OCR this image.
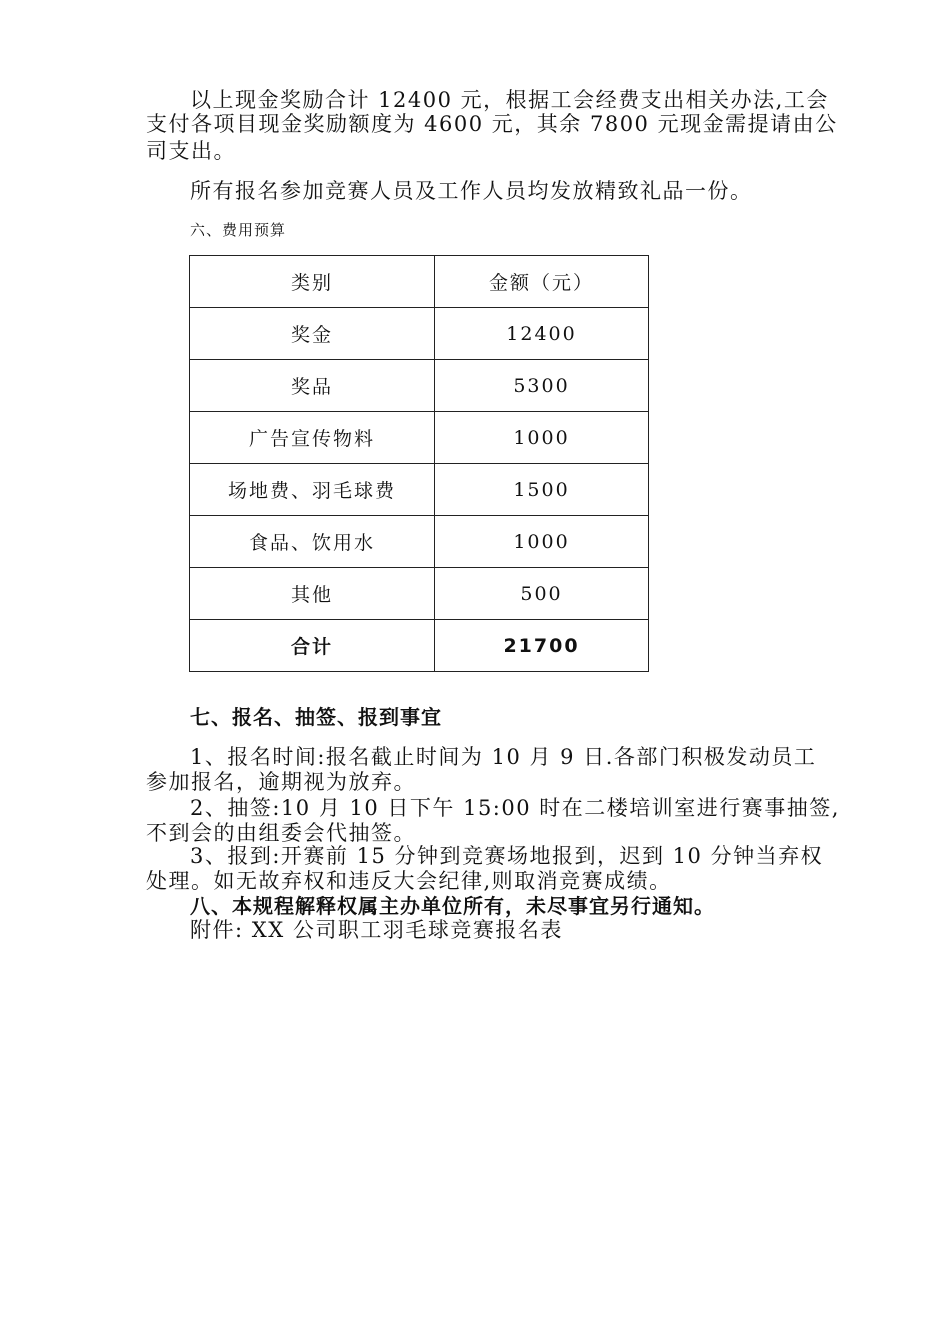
以上现金奖励合计 12400 元，根据工会经费支出相关办法,工会
支付各项目现金奖励额度为 4600 元，其余 7800 元现金需提请由公
司支出。
所有报名参加竞赛人员及工作人员均发放精致礼品一份。
六、费用预算
类别	金额（元）
奖金	12400
奖品	5300
广告宣传物料	1000
场地费、羽毛球费	1500
食品、饮用水	1000
其他	500
合计	21700
七、报名、抽签、报到事宜
1、报名时间:报名截止时间为 10 月 9 日.各部门积极发动员工
参加报名，逾期视为放弃。
2、抽签:10 月 10 日下午 15:00 时在二楼培训室进行赛事抽签,
不到会的由组委会代抽签。
3、报到:开赛前 15 分钟到竞赛场地报到，迟到 10 分钟当弃权
处理。如无故弃权和违反大会纪律,则取消竞赛成绩。
八、本规程解释权属主办单位所有，未尽事宜另行通知。
附件: XX 公司职工羽毛球竞赛报名表
